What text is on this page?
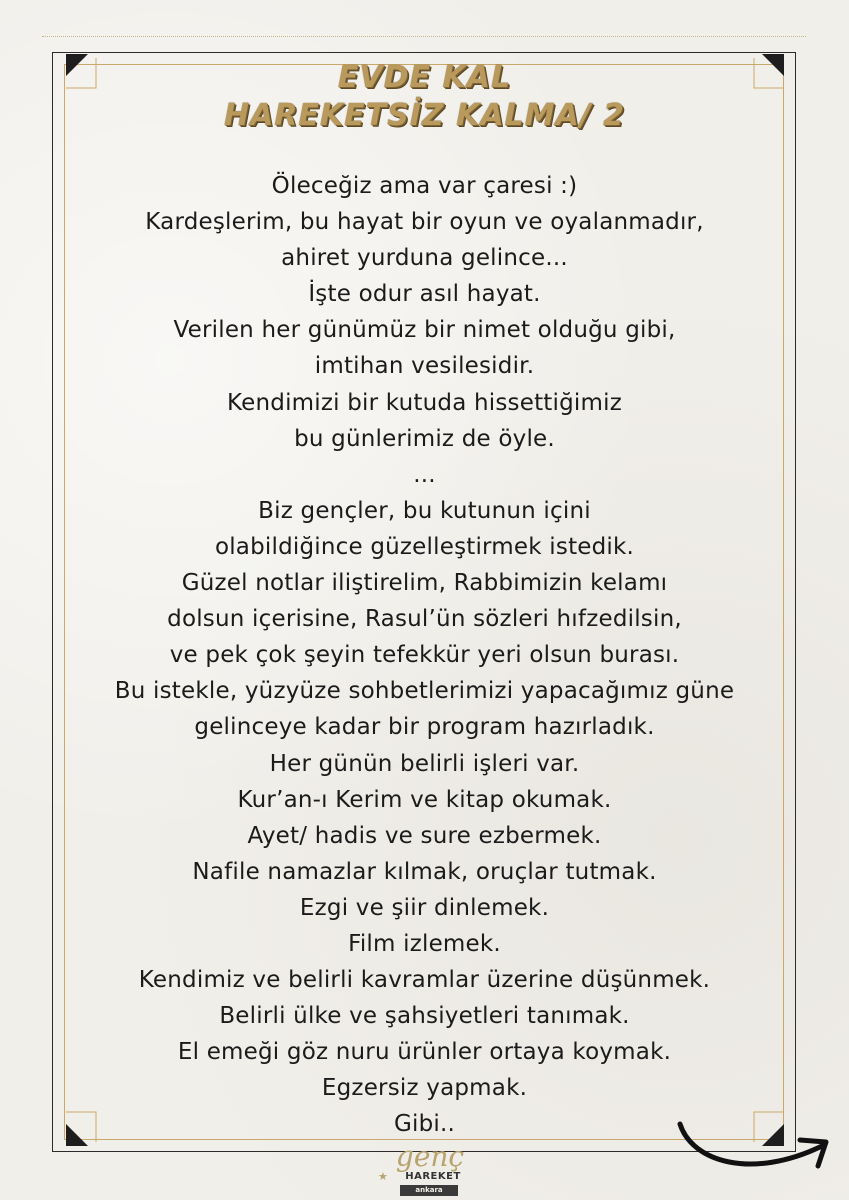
EVDE KAL
HAREKETSİZ KALMA/ 2
Öleceğiz ama var çaresi :)
Kardeşlerim, bu hayat bir oyun ve oyalanmadır,
ahiret yurduna gelince...
İşte odur asıl hayat.
Verilen her günümüz bir nimet olduğu gibi,
imtihan vesilesidir.
Kendimizi bir kutuda hissettiğimiz
bu günlerimiz de öyle.
...
Biz gençler, bu kutunun içini
olabildiğince güzelleştirmek istedik.
Güzel notlar iliştirelim, Rabbimizin kelamı
dolsun içerisine, Rasul’ün sözleri hıfzedilsin,
ve pek çok şeyin tefekkür yeri olsun burası.
Bu istekle, yüzyüze sohbetlerimizi yapacağımız güne
gelinceye kadar bir program hazırladık.
Her günün belirli işleri var.
Kur’an-ı Kerim ve kitap okumak.
Ayet/ hadis ve sure ezbermek.
Nafile namazlar kılmak, oruçlar tutmak.
Ezgi ve şiir dinlemek.
Film izlemek.
Kendimiz ve belirli kavramlar üzerine düşünmek.
Belirli ülke ve şahsiyetleri tanımak.
El emeği göz nuru ürünler ortaya koymak.
Egzersiz yapmak.
Gibi..
genç
★	HAREKET
ankara
